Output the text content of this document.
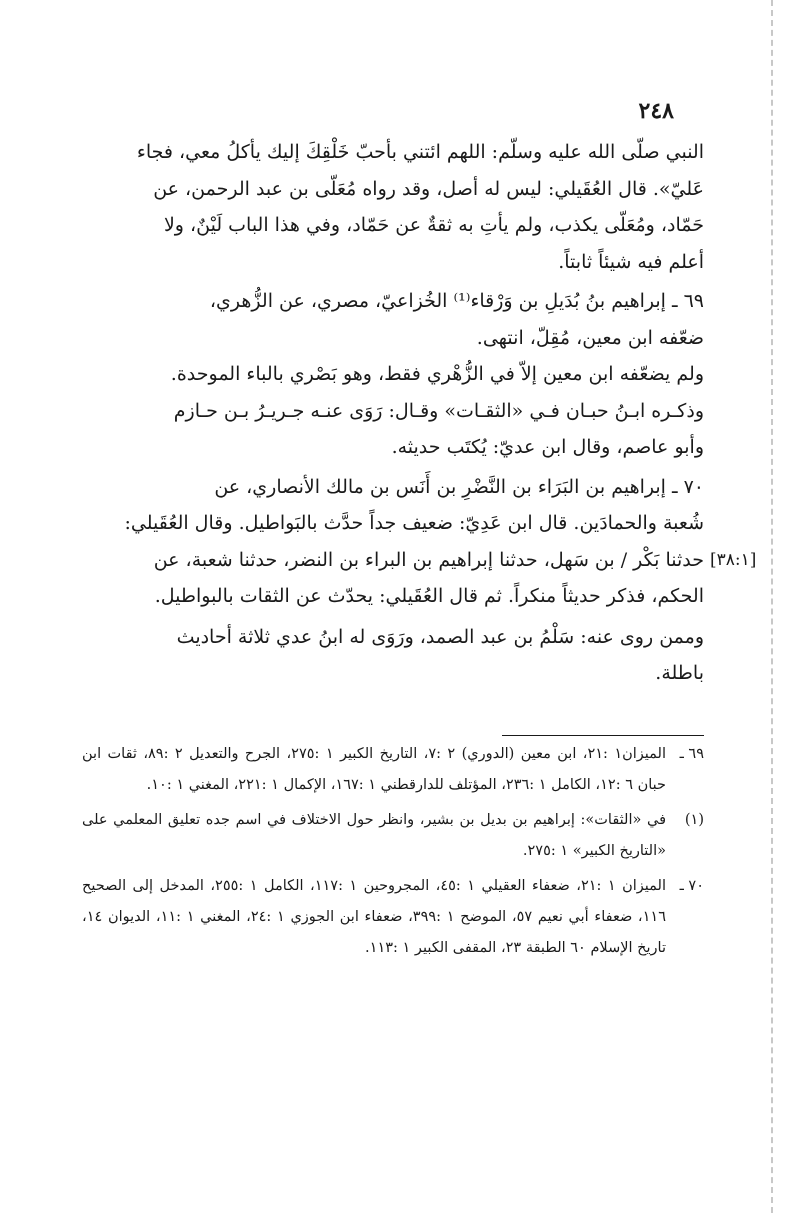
٢٤٨

النبي صلّى الله عليه وسلّم: اللهم ائتني بأحبّ خَلْقِكَ إليك يأكلُ معي، فجاء

عَليّ». قال العُقَيلي: ليس له أصل، وقد رواه مُعَلّى بن عبد الرحمن، عن

حَمّاد، ومُعَلّى يكذب، ولم يأتِ به ثقةٌ عن حَمّاد، وفي هذا الباب لَيْنٌ، ولا

أعلم فيه شيئاً ثابتاً.

٦٩ ـ إبراهيم بنُ بُدَيلِ بن وَرْقاء⁽¹⁾ الخُزاعيّ، مصري، عن الزُّهري،

ضعّفه ابن معين، مُقِلّ، انتهى.

ولم يضعّفه ابن معين إلاّ في الزُّهْري فقط، وهو بَصْري بالباء الموحدة.

وذكـره ابـنُ حبـان فـي «الثقـات» وقـال: رَوَى عنـه جـريـرُ بـن حـازم

وأبو عاصم، وقال ابن عديّ: يُكتَب حديثه.

٧٠ ـ إبراهيم بن البَرَاء بن النَّضْرِ بن أَنَس بن مالك الأنصاري، عن

شُعبة والحمادَين. قال ابن عَدِيّ: ضعيف جداً حدَّث بالبَواطيل. وقال العُقَيلي:

حدثنا بَكْر / بن سَهل، حدثنا إبراهيم بن البراء بن النضر، حدثنا شعبة، عن [٣٨:١]

الحكم، فذكر حديثاً منكراً. ثم قال العُقَيلي: يحدّث عن الثقات بالبواطيل.

وممن روى عنه: سَلْمُ بن عبد الصمد، ورَوَى له ابنُ عدي ثلاثة أحاديث

باطلة.

٦٩ ـالميزان١ :٢١، ابن معين (الدوري) ٢ :٧، التاريخ الكبير ١ :٢٧٥، الجرح والتعديل ٢ :٨٩، ثقات ابن حبان ٦ :١٢، الكامل ١ :٢٣٦، المؤتلف للدارقطني ١ :١٦٧، الإكمال ١ :٢٢١، المغني ١ :١٠.

(١)في «الثقات»: إبراهيم بن بديل بن بشير، وانظر حول الاختلاف في اسم جده تعليق المعلمي على «التاريخ الكبير» ١ :٢٧٥.

٧٠ ـالميزان ١ :٢١، ضعفاء العقيلي ١ :٤٥، المجروحين ١ :١١٧، الكامل ١ :٢٥٥، المدخل إلى الصحيح ١١٦، ضعفاء أبي نعيم ٥٧، الموضح ١ :٣٩٩، ضعفاء ابن الجوزي ١ :٢٤، المغني ١ :١١، الديوان ١٤، تاريخ الإسلام ٦٠ الطبقة ٢٣، المقفى الكبير ١ :١١٣.
